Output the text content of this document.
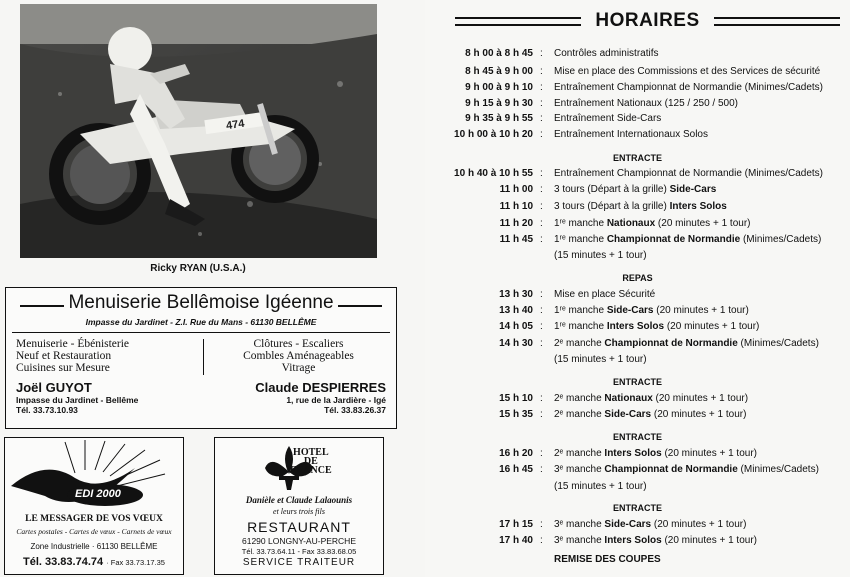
474
Ricky RYAN (U.S.A.)
Menuiserie Bellêmoise Igéenne
Impasse du Jardinet - Z.I. Rue du Mans - 61130 BELLÊME
Menuiserie - Ébénisterie
Neuf et Restauration
Cuisines sur Mesure
Clôtures - Escaliers
Combles Aménageables
Vitrage
Joël GUYOT
Impasse du Jardinet - Bellême
Tél. 33.73.10.93
Claude DESPIERRES
1, rue de la Jardière - Igé
Tél. 33.83.26.37
EDI 2000
LE MESSAGER DE VOS VŒUX
Cartes postales - Cartes de vœux - Carnets de vœux
Zone Industrielle · 61130 BELLÊME
Tél. 33.83.74.74 · Fax 33.73.17.35
HOTEL
DE
FRANCE
Danièle et Claude Lalaounis
et leurs trois fils
RESTAURANT
61290 LONGNY-AU-PERCHE
Tél. 33.73.64.11 - Fax 33.83.68.05
SERVICE TRAITEUR
HORAIRES
8 h 00 à 8 h 45 : Contrôles administratifs
8 h 45 à 9 h 00 : Mise en place des Commissions et des Services de sécurité
9 h 00 à 9 h 10 : Entraînement Championnat de Normandie (Minimes/Cadets)
9 h 15 à 9 h 30 : Entraînement Nationaux (125 / 250 / 500)
9 h 35 à 9 h 55 : Entraînement Side-Cars
10 h 00 à 10 h 20 : Entraînement Internationaux Solos
ENTRACTE
10 h 40 à 10 h 55 : Entraînement Championnat de Normandie (Minimes/Cadets)
11 h 00 : 3 tours (Départ à la grille) Side-Cars
11 h 10 : 3 tours (Départ à la grille) Inters Solos
11 h 20 : 1ʳᵉ manche Nationaux (20 minutes + 1 tour)
11 h 45 : 1ʳᵉ manche Championnat de Normandie (Minimes/Cadets)
(15 minutes + 1 tour)
REPAS
13 h 30 : Mise en place Sécurité
13 h 40 : 1ʳᵉ manche Side-Cars (20 minutes + 1 tour)
14 h 05 : 1ʳᵉ manche Inters Solos (20 minutes + 1 tour)
14 h 30 : 2ᵉ manche Championnat de Normandie (Minimes/Cadets)
(15 minutes + 1 tour)
ENTRACTE
15 h 10 : 2ᵉ manche Nationaux (20 minutes + 1 tour)
15 h 35 : 2ᵉ manche Side-Cars (20 minutes + 1 tour)
ENTRACTE
16 h 20 : 2ᵉ manche Inters Solos (20 minutes + 1 tour)
16 h 45 : 3ᵉ manche Championnat de Normandie (Minimes/Cadets)
(15 minutes + 1 tour)
ENTRACTE
17 h 15 : 3ᵉ manche Side-Cars (20 minutes + 1 tour)
17 h 40 : 3ᵉ manche Inters Solos (20 minutes + 1 tour)
REMISE DES COUPES
